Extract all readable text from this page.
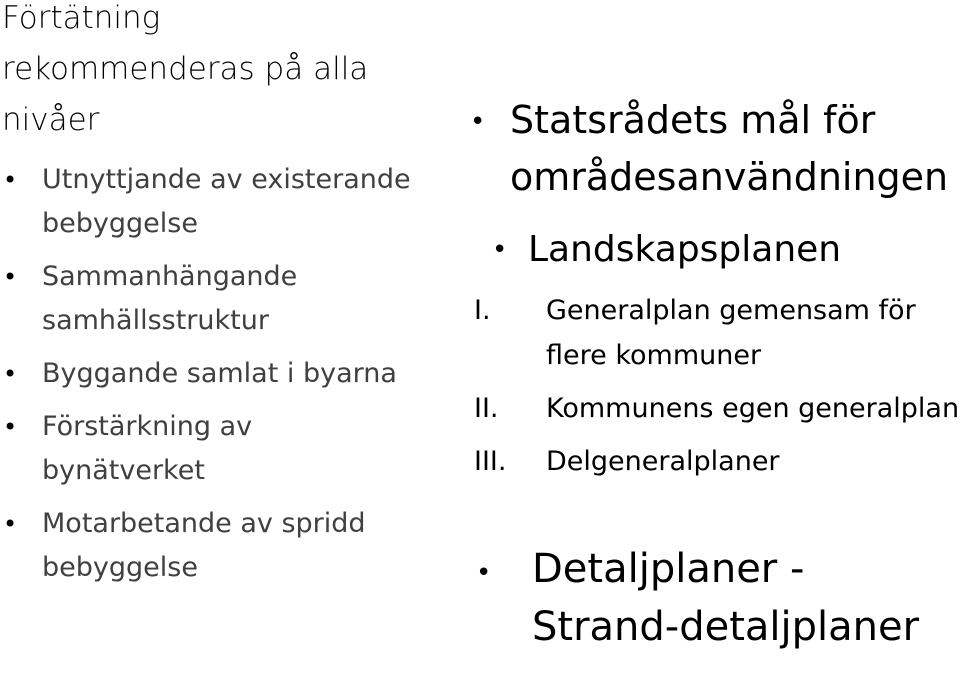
Förtätning rekommenderas på alla nivåer
• Utnyttjande av existerande bebyggelse
• Sammanhängande samhällsstruktur
• Byggande samlat i byarna
• Förstärkning av bynätverket
• Motarbetande av spridd bebyggelse
• Statsrådets mål för områdesanvändningen
• Landskapsplanen
I. Generalplan gemensam för flere kommuner
II. Kommunens egen generalplan
III. Delgeneralplaner
•	Detaljplaner - Strand-detaljplaner
